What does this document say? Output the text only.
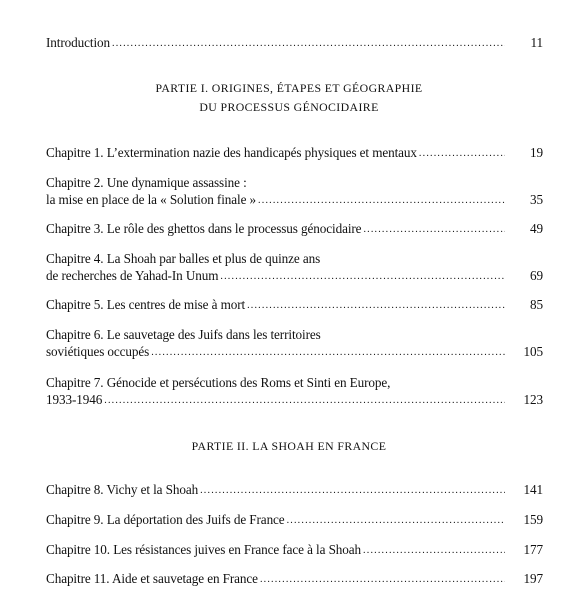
Introduction .....	11
PARTIE I. ORIGINES, ÉTAPES ET GÉOGRAPHIE
DU PROCESSUS GÉNOCIDAIRE
Chapitre 1. L’extermination nazie des handicapés physiques et mentaux .....	19
Chapitre 2. Une dynamique assassine :
la mise en place de la « Solution finale » .....	35
Chapitre 3. Le rôle des ghettos dans le processus génocidaire .....	49
Chapitre 4. La Shoah par balles et plus de quinze ans
de recherches de Yahad-In Unum .....	69
Chapitre 5. Les centres de mise à mort .....	85
Chapitre 6. Le sauvetage des Juifs dans les territoires
soviétiques occupés .....	105
Chapitre 7. Génocide et persécutions des Roms et Sinti en Europe,
1933-1946 .....	123
PARTIE II. LA SHOAH EN FRANCE
Chapitre 8. Vichy et la Shoah .....	141
Chapitre 9. La déportation des Juifs de France .....	159
Chapitre 10. Les résistances juives en France face à la Shoah .....	177
Chapitre 11. Aide et sauvetage en France .....	197
